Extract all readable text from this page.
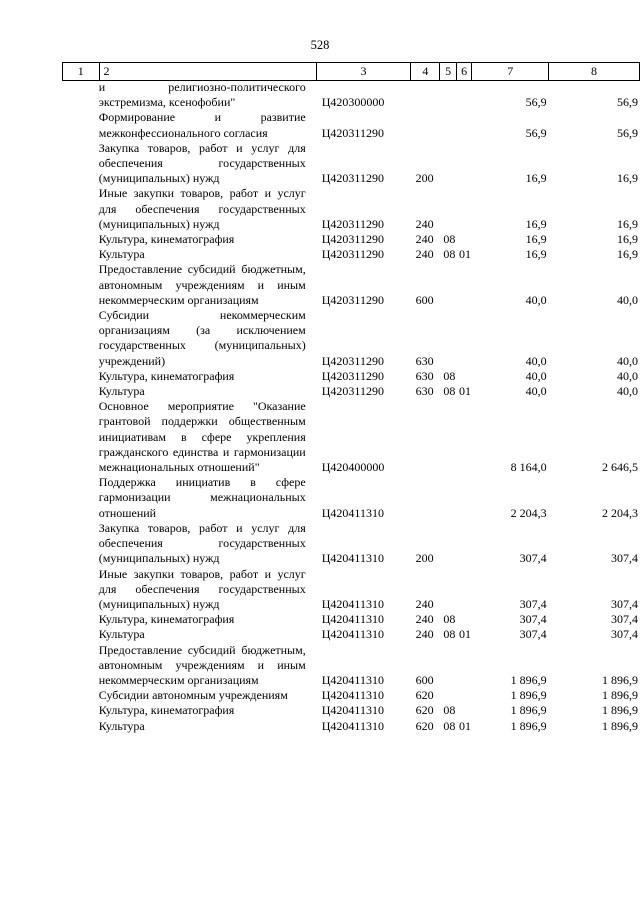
528
1	2	3	4	5	6	7	8
	и религиозно-политического экстремизма, ксенофобии"	Ц420300000				56,9	56,9
	Формирование и развитие межконфессионального согласия	Ц420311290				56,9	56,9
	Закупка товаров, работ и услуг для обеспечения государственных (муниципальных) нужд	Ц420311290	200			16,9	16,9
	Иные закупки товаров, работ и услуг для обеспечения государственных (муниципальных) нужд	Ц420311290	240			16,9	16,9
	Культура, кинематография	Ц420311290	240	08		16,9	16,9
	Культура	Ц420311290	240	08	01	16,9	16,9
	Предоставление субсидий бюджетным, автономным учреждениям и иным некоммерческим организациям	Ц420311290	600			40,0	40,0
	Субсидии некоммерческим организациям (за исключением государственных (муниципальных) учреждений)	Ц420311290	630			40,0	40,0
	Культура, кинематография	Ц420311290	630	08		40,0	40,0
	Культура	Ц420311290	630	08	01	40,0	40,0
	Основное мероприятие "Оказание грантовой поддержки общественным инициативам в сфере укрепления гражданского единства и гармонизации межнациональных отношений"	Ц420400000				8 164,0	2 646,5
	Поддержка инициатив в сфере гармонизации межнациональных отношений	Ц420411310				2 204,3	2 204,3
	Закупка товаров, работ и услуг для обеспечения государственных (муниципальных) нужд	Ц420411310	200			307,4	307,4
	Иные закупки товаров, работ и услуг для обеспечения государственных (муниципальных) нужд	Ц420411310	240			307,4	307,4
	Культура, кинематография	Ц420411310	240	08		307,4	307,4
	Культура	Ц420411310	240	08	01	307,4	307,4
	Предоставление субсидий бюджетным, автономным учреждениям и иным некоммерческим организациям	Ц420411310	600			1 896,9	1 896,9
	Субсидии автономным учреждениям	Ц420411310	620			1 896,9	1 896,9
	Культура, кинематография	Ц420411310	620	08		1 896,9	1 896,9
	Культура	Ц420411310	620	08	01	1 896,9	1 896,9
